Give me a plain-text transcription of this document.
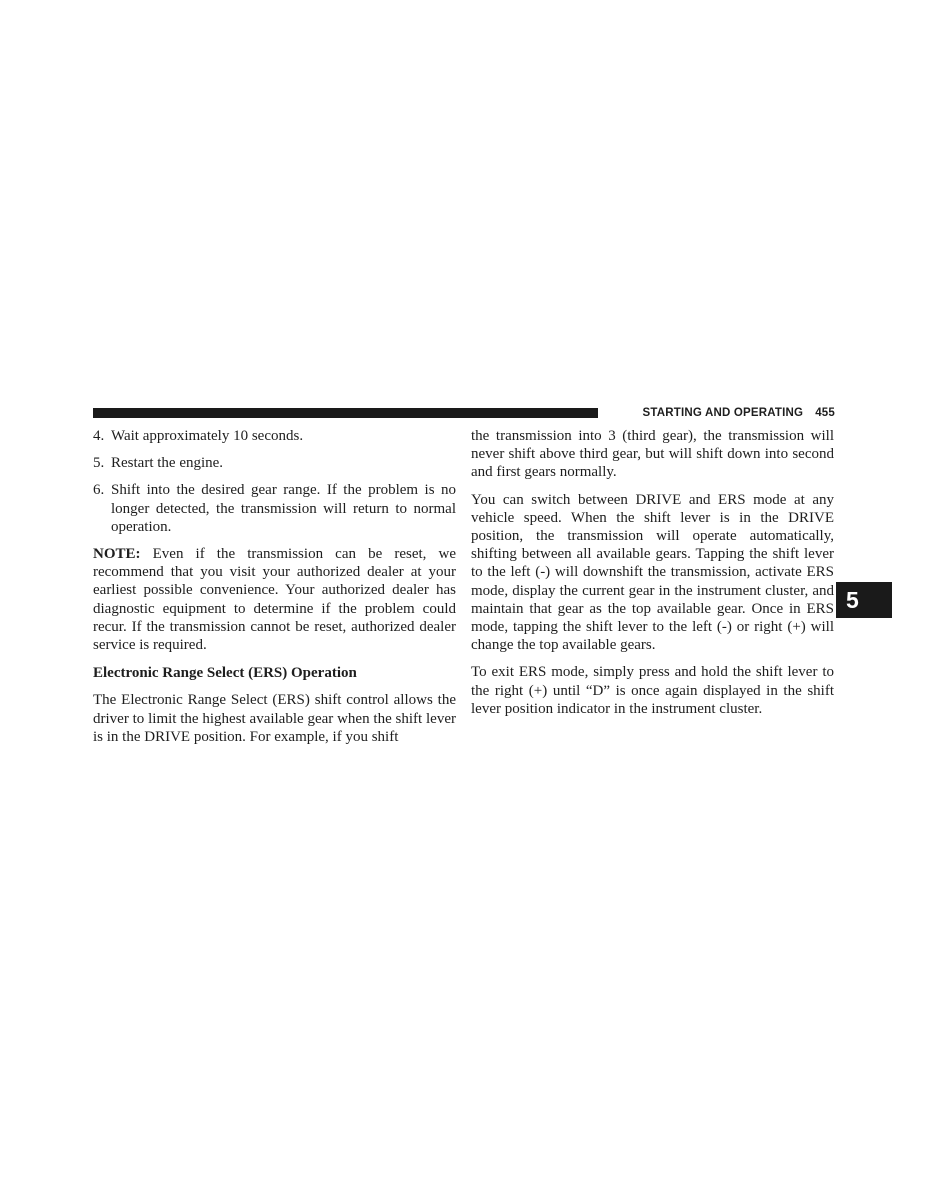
STARTING AND OPERATING 455
5
4. Wait approximately 10 seconds.
5. Restart the engine.
6. Shift into the desired gear range. If the problem is no longer detected, the transmission will return to normal operation.

NOTE: Even if the transmission can be reset, we recommend that you visit your authorized dealer at your earliest possible convenience. Your authorized dealer has diagnostic equipment to determine if the problem could recur. If the transmission cannot be reset, authorized dealer service is required.

Electronic Range Select (ERS) Operation

The Electronic Range Select (ERS) shift control allows the driver to limit the highest available gear when the shift lever is in the DRIVE position. For example, if you shift

the transmission into 3 (third gear), the transmission will never shift above third gear, but will shift down into second and first gears normally.

You can switch between DRIVE and ERS mode at any vehicle speed. When the shift lever is in the DRIVE position, the transmission will operate automatically, shifting between all available gears. Tapping the shift lever to the left (-) will downshift the transmission, activate ERS mode, display the current gear in the instrument cluster, and maintain that gear as the top available gear. Once in ERS mode, tapping the shift lever to the left (-) or right (+) will change the top available gears.

To exit ERS mode, simply press and hold the shift lever to the right (+) until “D” is once again displayed in the shift lever position indicator in the instrument cluster.
